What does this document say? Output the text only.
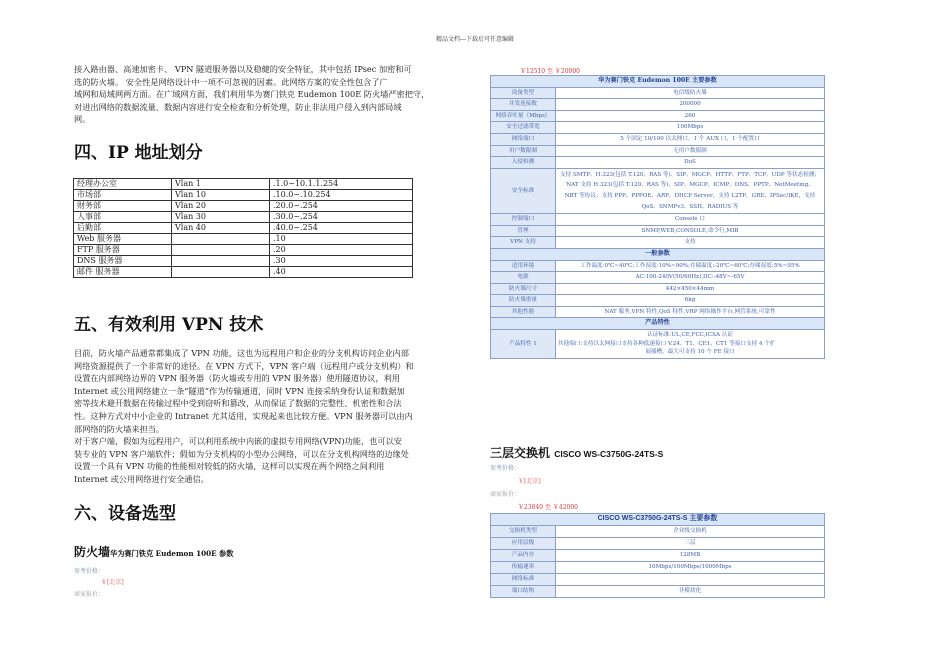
精品文档---下载后可任意编辑
接入路由器、高速加密卡、 VPN 隧道服务器以及稳健的安全特征，其中包括 IPsec 加密和可
选的防火墙。 安全性是网络设计中一项不可忽视的因素。此网络方案的安全性包含了广
域网和局域网两方面。在广域网方面，我们利用华为赛门铁克 Eudemon 100E 防火墙严密把守，
对进出网络的数据流量、数据内容进行安全检查和分析处理，防止非法用户侵入到内部局域
网。
四、IP 地址划分
经理办公室	Vlan 1	.1.0~10.1.1.254
市场部	Vlan 10	.10.0~.10.254
财务部	Vlan 20	.20.0~.254
人事部	Vlan 30	.30.0~.254
后勤部	Vlan 40	.40.0~.254
Web 服务器		.10
FTP 服务器		.20
DNS 服务器		.30
邮件 服务器		.40
五、有效利用 VPN 技术
目前，防火墙产品通常都集成了 VPN 功能，这也为远程用户和企业的分支机构访问企业内部
网络资源提供了一个非常好的途径。在 VPN 方式下，VPN 客户端（远程用户或分支机构）和
设置在内部网络边界的 VPN 服务器（防火墙或专用的 VPN 服务器）使用隧道协议，利用
Internet 或公用网络建立一条“隧道”作为传输通道，同时 VPN 连接采纳身份认证和数据加
密等技术避开数据在传输过程中受到窃听和篡改，从而保证了数据的完整性、机密性和合法
性。这种方式对中小企业的 Intranet 尤其适用，实现起来也比较方便。VPN 服务器可以由内
部网络的防火墙来担当。
对于客户端，假如为远程用户，可以利用系统中内嵌的虚拟专用网络(VPN)功能，也可以安
装专业的 VPN 客户端软件；假如为分支机构的小型办公网络，可以在分支机构网络的边缘处
设置一个具有 VPN 功能的性能相对较低的防火墙，这样可以实现在两个网络之间利用
Internet 或公用网络进行安全通信。
六、设备选型
防火墙华为赛门铁克 Eudemon 100E 参数
参考价格：
￥[北京]
商家报价：
￥12510 至 ￥20000
华为赛门铁克 Eudemon 100E 主要参数	
设备类型	电信级防火墙
并发连接数	200000
网络吞吐量（Mbps）	260
安全过滤带宽	100Mbps
网络端口	5 个固定 10/100 以太网口，1 个 AUX 口，1 个配置口
用户数限制	无用户数限制
入侵检测	DoS
安全标准	支持 SMTP、H.323(包括 T.120、RAS 等)、SIP、MGCP、HTTP、FTP、TCP、UDP 等状态检测；NAT 支持 H.323(包括 T.120、RAS 等)、SIP、MGCP、ICMP、DNS、PPTP、NetMeeting、NBT 等协议；支持 PPP、PPPOE、ARP、DHCP Server，支持 L2TP、GRE、IPSec/IKE，支持 QoS、SNMPv3、SSH、RADIUS 等
控制端口	Console 口
管理	SNMP,WEB,CONSOLE,命令行,MIB
VPN 支持	支持
一般参数	
适用环境	工作温度:0℃~40℃;工作湿度:10%~90%;存储温度:-20℃~60℃;存储湿度:5%~95%
电源	AC:100-240V(50/60Hz),DC:-48V~-65V
防火墙尺寸	442×450×44mm
防火墙重量	6kg
其他性能	NAT 服务,VPN 特性,QoS 特性,VRP 网络操作平台,网管系统,可靠性
产品特性	
产品特性 1	认证标准:UL,CE,FCC,ICSA 认证
其他端口:支持以太网接口支持各种低速接口 V.24、T1、CE1、CT1 等接口支持 4 个扩
展插槽，最大可支持 10 个 FE 接口
三层交换机 CISCO WS-C3750G-24TS-S
参考价格：
￥[北京]
商家报价：
￥23040 至 ￥42000
CISCO WS-C3750G-24TS-S 主要参数	
交换机类型	企业级交换机
应用层级	三层
产品内存	128MB
传输速率	10Mbps/100Mbps/1000Mbps
网络标准	
端口结构	非模块化
